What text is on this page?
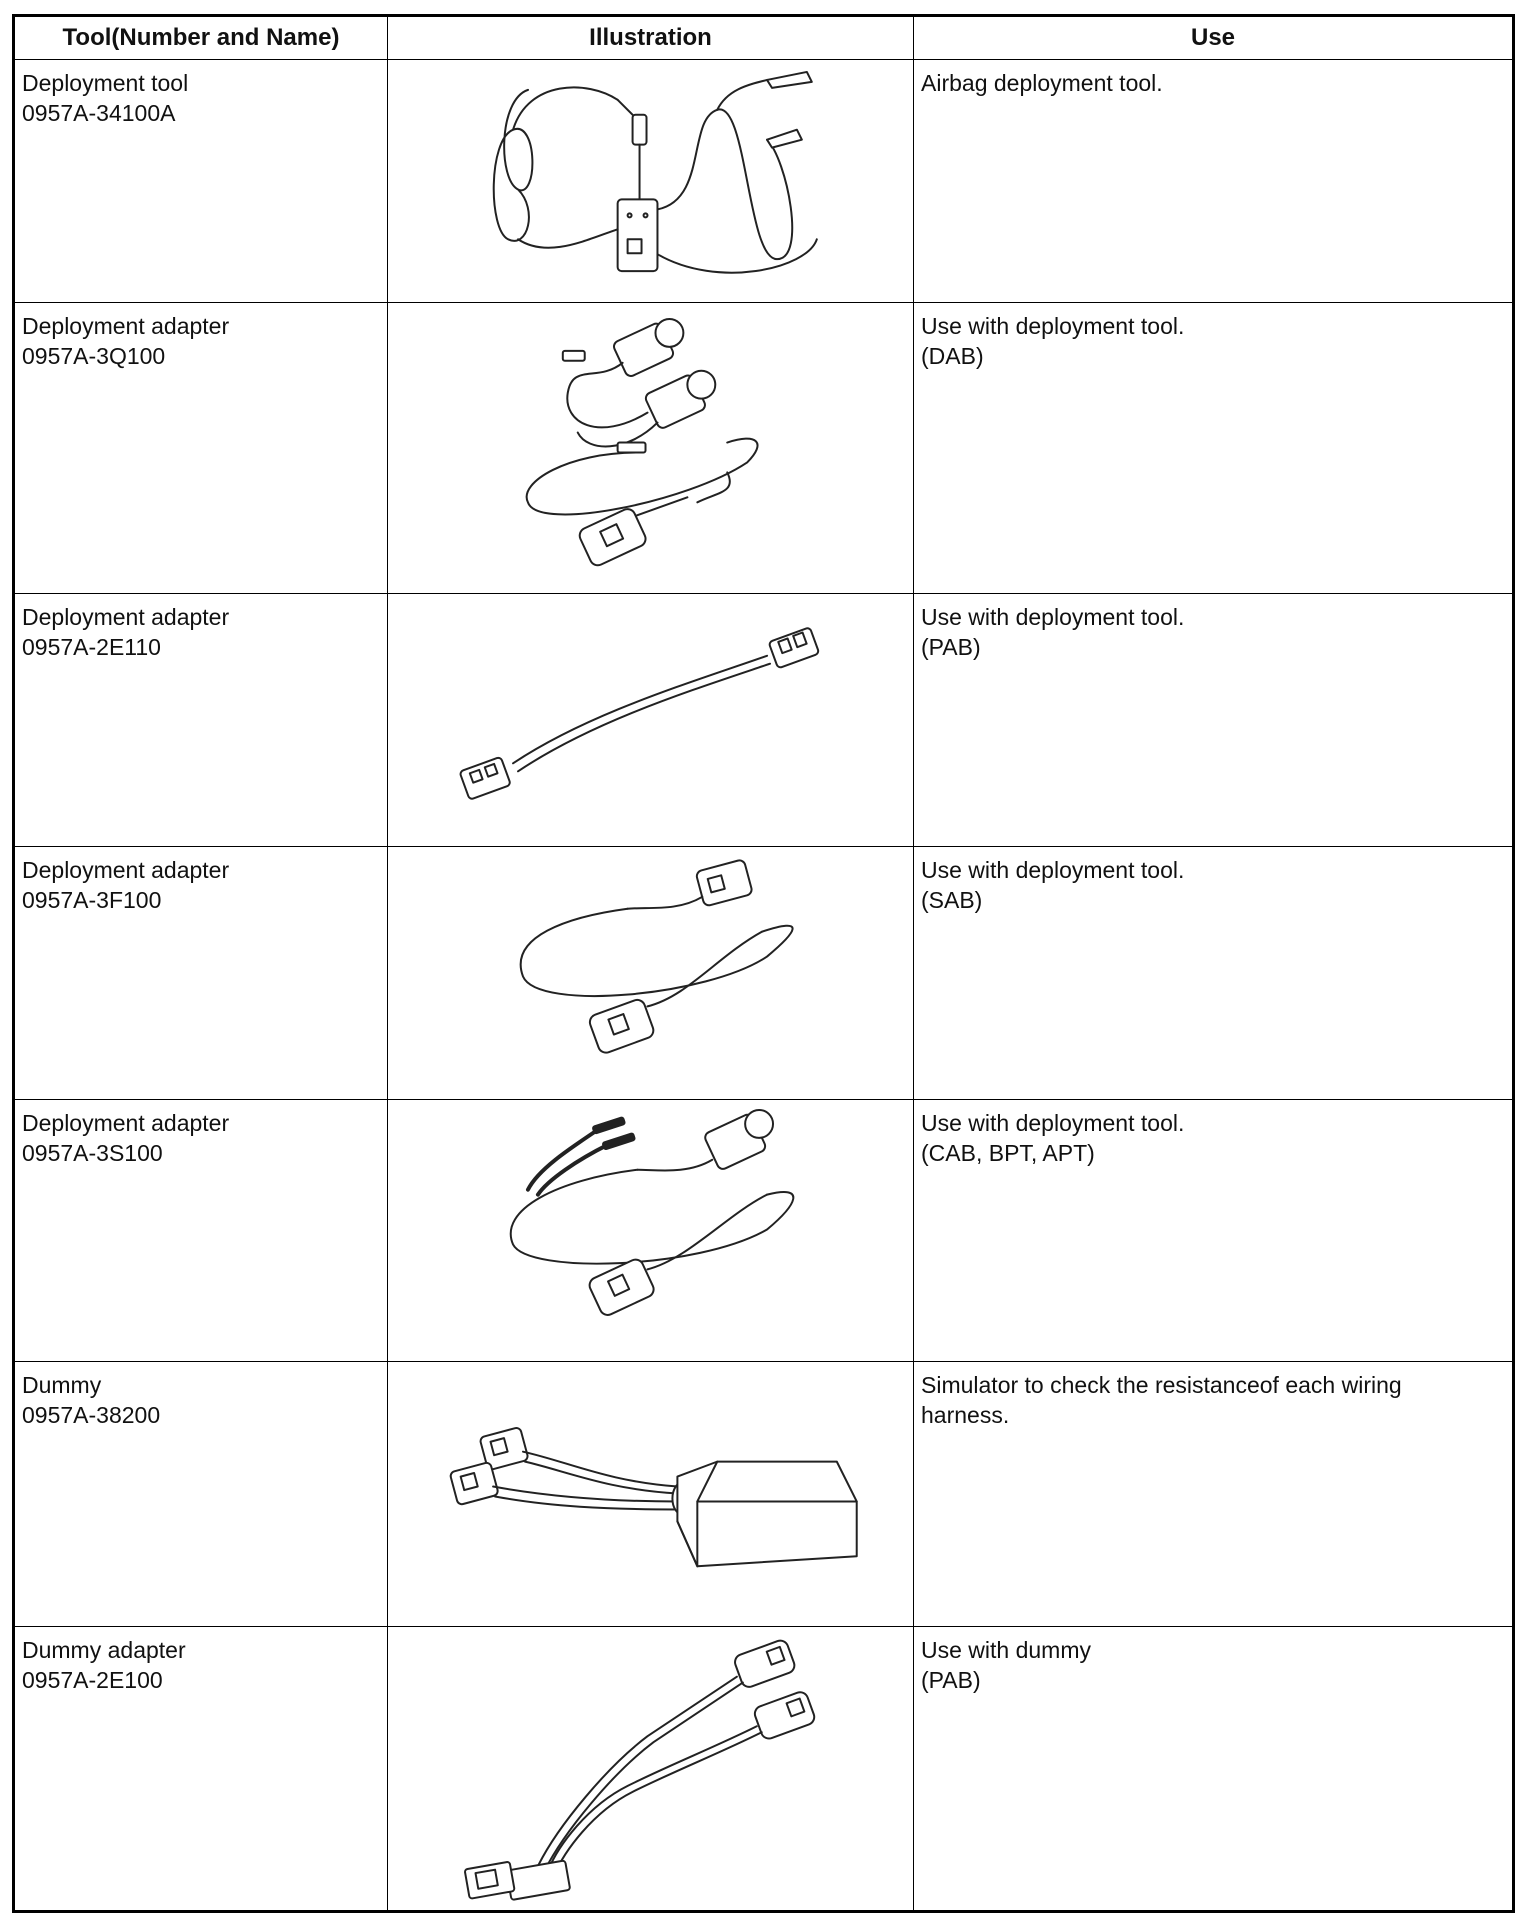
Tool(Number and Name)	Illustration	Use

Deployment tool
0957A-34100A		Airbag deployment tool.

Deployment adapter
0957A-3Q100		Use with deployment tool.
(DAB)

Deployment adapter
0957A-2E110		Use with deployment tool.
(PAB)

Deployment adapter
0957A-3F100		Use with deployment tool.
(SAB)

Deployment adapter
0957A-3S100		Use with deployment tool.
(CAB, BPT, APT)

Dummy
0957A-38200		Simulator to check the resistanceof each wiring
harness.

Dummy adapter
0957A-2E100		Use with dummy
(PAB)
